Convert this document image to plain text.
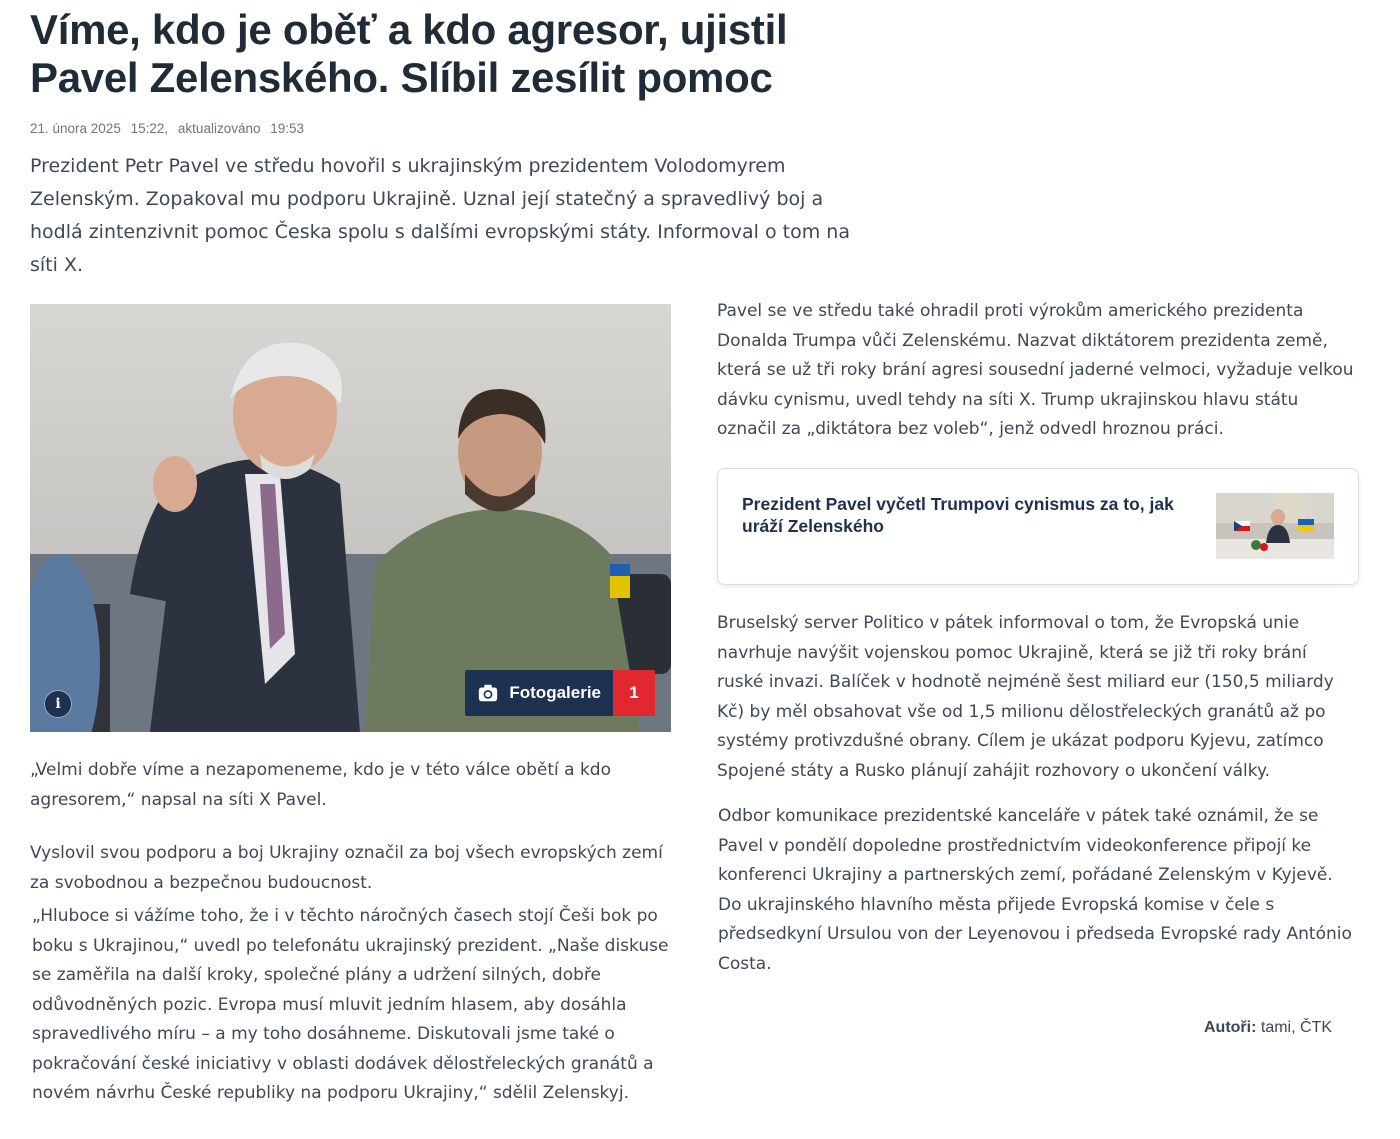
Víme, kdo je oběť a kdo agresor, ujistil Pavel Zelenského. Slíbil zesílit pomoc
21. února 2025 15:22, aktualizováno 19:53

Prezident Petr Pavel ve středu hovořil s ukrajinským prezidentem Volodomyrem Zelenským. Zopakoval mu podporu Ukrajině. Uznal její statečný a spravedlivý boj a hodlá zintenzivnit pomoc Česka spolu s dalšími evropskými státy. Informoval o tom na síti X.

i
Fotogalerie	1

„Velmi dobře víme a nezapomeneme, kdo je v této válce obětí a kdo agresorem,“ napsal na síti X Pavel.

Vyslovil svou podporu a boj Ukrajiny označil za boj všech evropských zemí za svobodnou a bezpečnou budoucnost.

„Hluboce si vážíme toho, že i v těchto náročných časech stojí Češi bok po boku s Ukrajinou,“ uvedl po telefonátu ukrajinský prezident. „Naše diskuse se zaměřila na další kroky, společné plány a udržení silných, dobře odůvodněných pozic. Evropa musí mluvit jedním hlasem, aby dosáhla spravedlivého míru – a my toho dosáhneme. Diskutovali jsme také o pokračování české iniciativy v oblasti dodávek dělostřeleckých granátů a novém návrhu České republiky na podporu Ukrajiny,“ sdělil Zelenskyj.

Pavel se ve středu také ohradil proti výrokům amerického prezidenta Donalda Trumpa vůči Zelenskému. Nazvat diktátorem prezidenta země, která se už tři roky brání agresi sousední jaderné velmoci, vyžaduje velkou dávku cynismu, uvedl tehdy na síti X. Trump ukrajinskou hlavu státu označil za „diktátora bez voleb“, jenž odvedl hroznou práci.

Prezident Pavel vyčetl Trumpovi cynismus za to, jak uráží Zelenského

Bruselský server Politico v pátek informoval o tom, že Evropská unie navrhuje navýšit vojenskou pomoc Ukrajině, která se již tři roky brání ruské invazi. Balíček v hodnotě nejméně šest miliard eur (150,5 miliardy Kč) by měl obsahovat vše od 1,5 milionu dělostřeleckých granátů až po systémy protivzdušné obrany. Cílem je ukázat podporu Kyjevu, zatímco Spojené státy a Rusko plánují zahájit rozhovory o ukončení války.

Odbor komunikace prezidentské kanceláře v pátek také oznámil, že se Pavel v pondělí dopoledne prostřednictvím videokonference připojí ke konferenci Ukrajiny a partnerských zemí, pořádané Zelenským v Kyjevě. Do ukrajinského hlavního města přijede Evropská komise v čele s předsedkyní Ursulou von der Leyenovou i předseda Evropské rady António Costa.

Autoři: tami, ČTK
